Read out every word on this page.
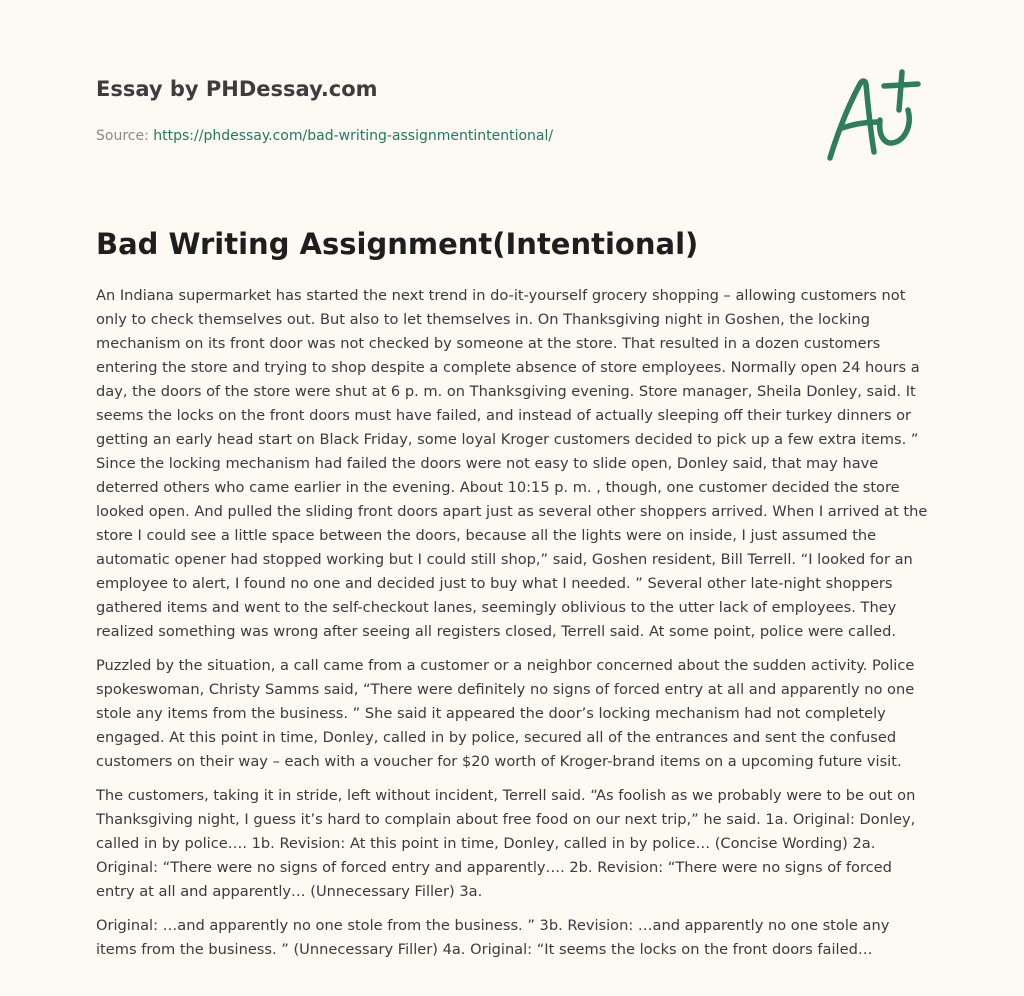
Essay by PHDessay.com
Source: https://phdessay.com/bad-writing-assignmentintentional/
Bad Writing Assignment(Intentional)

An Indiana supermarket has started the next trend in do-it-yourself grocery shopping – allowing customers not only to check themselves out. But also to let themselves in. On Thanksgiving night in Goshen, the locking mechanism on its front door was not checked by someone at the store. That resulted in a dozen customers entering the store and trying to shop despite a complete absence of store employees. Normally open 24 hours a day, the doors of the store were shut at 6 p. m. on Thanksgiving evening. Store manager, Sheila Donley, said. It seems the locks on the front doors must have failed, and instead of actually sleeping off their turkey dinners or getting an early head start on Black Friday, some loyal Kroger customers decided to pick up a few extra items. ” Since the locking mechanism had failed the doors were not easy to slide open, Donley said, that may have deterred others who came earlier in the evening. About 10:15 p. m. , though, one customer decided the store looked open. And pulled the sliding front doors apart just as several other shoppers arrived. When I arrived at the store I could see a little space between the doors, because all the lights were on inside, I just assumed the automatic opener had stopped working but I could still shop,” said, Goshen resident, Bill Terrell. “I looked for an employee to alert, I found no one and decided just to buy what I needed. ” Several other late-night shoppers gathered items and went to the self-checkout lanes, seemingly oblivious to the utter lack of employees. They realized something was wrong after seeing all registers closed, Terrell said. At some point, police were called.

Puzzled by the situation, a call came from a customer or a neighbor concerned about the sudden activity. Police spokeswoman, Christy Samms said, “There were definitely no signs of forced entry at all and apparently no one stole any items from the business. ” She said it appeared the door’s locking mechanism had not completely engaged. At this point in time, Donley, called in by police, secured all of the entrances and sent the confused customers on their way – each with a voucher for $20 worth of Kroger-brand items on a upcoming future visit.

The customers, taking it in stride, left without incident, Terrell said. “As foolish as we probably were to be out on Thanksgiving night, I guess it’s hard to complain about free food on our next trip,” he said. 1a. Original: Donley, called in by police…. 1b. Revision: At this point in time, Donley, called in by police… (Concise Wording) 2a. Original: “There were no signs of forced entry and apparently…. 2b. Revision: “There were no signs of forced entry at all and apparently… (Unnecessary Filler) 3a.

Original: …and apparently no one stole from the business. ” 3b. Revision: …and apparently no one stole any items from the business. ” (Unnecessary Filler) 4a. Original: “It seems the locks on the front doors failed…
